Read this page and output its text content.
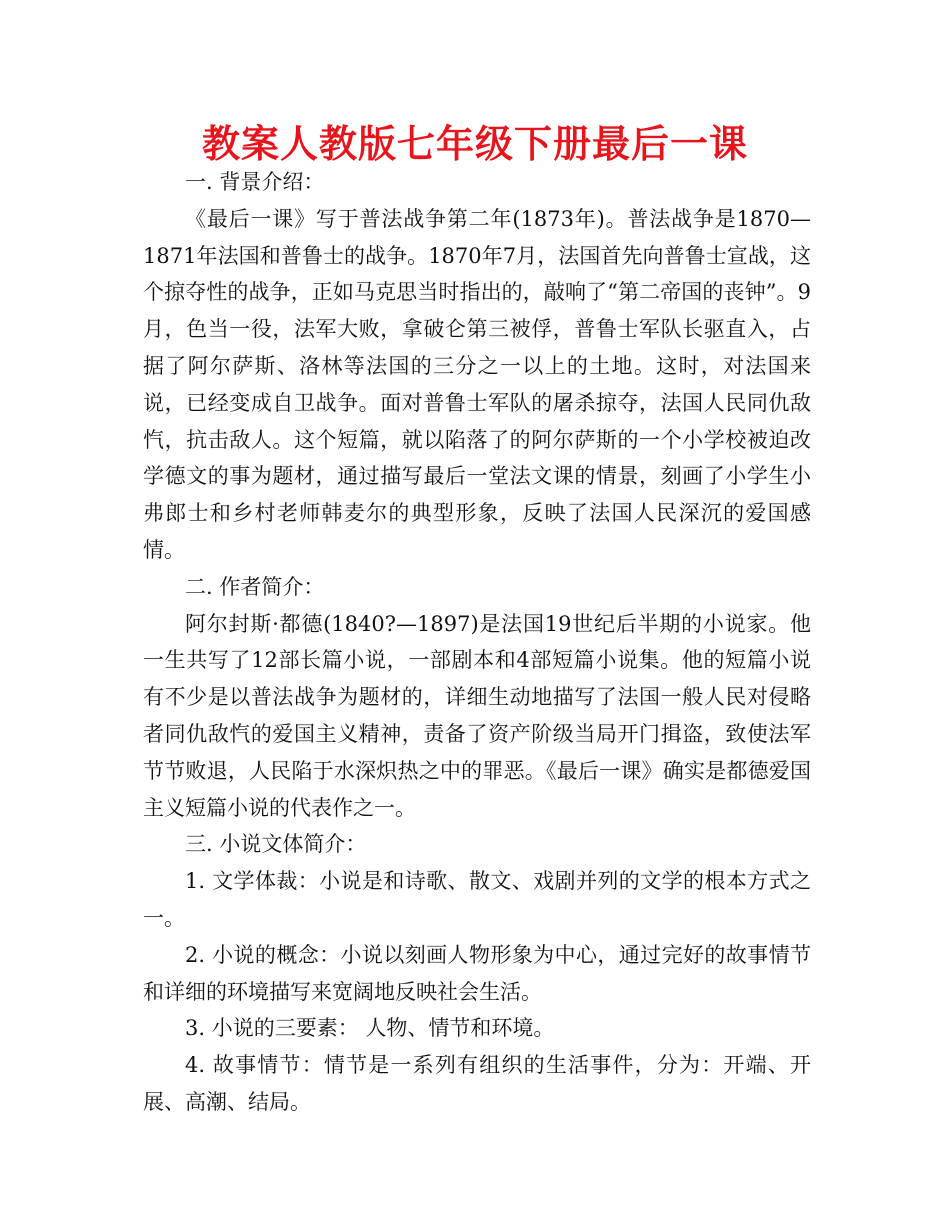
教案人教版七年级下册最后一课

一. 背景介绍：

《最后一课》写于普法战争第二年(1873年)。普法战争是1870—1871年法国和普鲁士的战争。1870年7月，法国首先向普鲁士宣战，这个掠夺性的战争，正如马克思当时指出的，敲响了“第二帝国的丧钟”。9月，色当一役，法军大败，拿破仑第三被俘，普鲁士军队长驱直入，占据了阿尔萨斯、洛林等法国的三分之一以上的土地。这时，对法国来说，已经变成自卫战争。面对普鲁士军队的屠杀掠夺，法国人民同仇敌忾，抗击敌人。这个短篇，就以陷落了的阿尔萨斯的一个小学校被迫改学德文的事为题材，通过描写最后一堂法文课的情景，刻画了小学生小弗郎士和乡村老师韩麦尔的典型形象，反映了法国人民深沉的爱国感情。

二. 作者简介：

阿尔封斯·都德(1840?—1897)是法国19世纪后半期的小说家。他一生共写了12部长篇小说，一部剧本和4部短篇小说集。他的短篇小说有不少是以普法战争为题材的，详细生动地描写了法国一般人民对侵略者同仇敌忾的爱国主义精神，责备了资产阶级当局开门揖盗，致使法军节节败退，人民陷于水深炽热之中的罪恶。《最后一课》确实是都德爱国主义短篇小说的代表作之一。

三. 小说文体简介：

1. 文学体裁：小说是和诗歌、散文、戏剧并列的文学的根本方式之一。

2. 小说的概念：小说以刻画人物形象为中心，通过完好的故事情节和详细的环境描写来宽阔地反映社会生活。

3. 小说的三要素： 人物、情节和环境。

4. 故事情节：情节是一系列有组织的生活事件，分为：开端、开展、高潮、结局。
